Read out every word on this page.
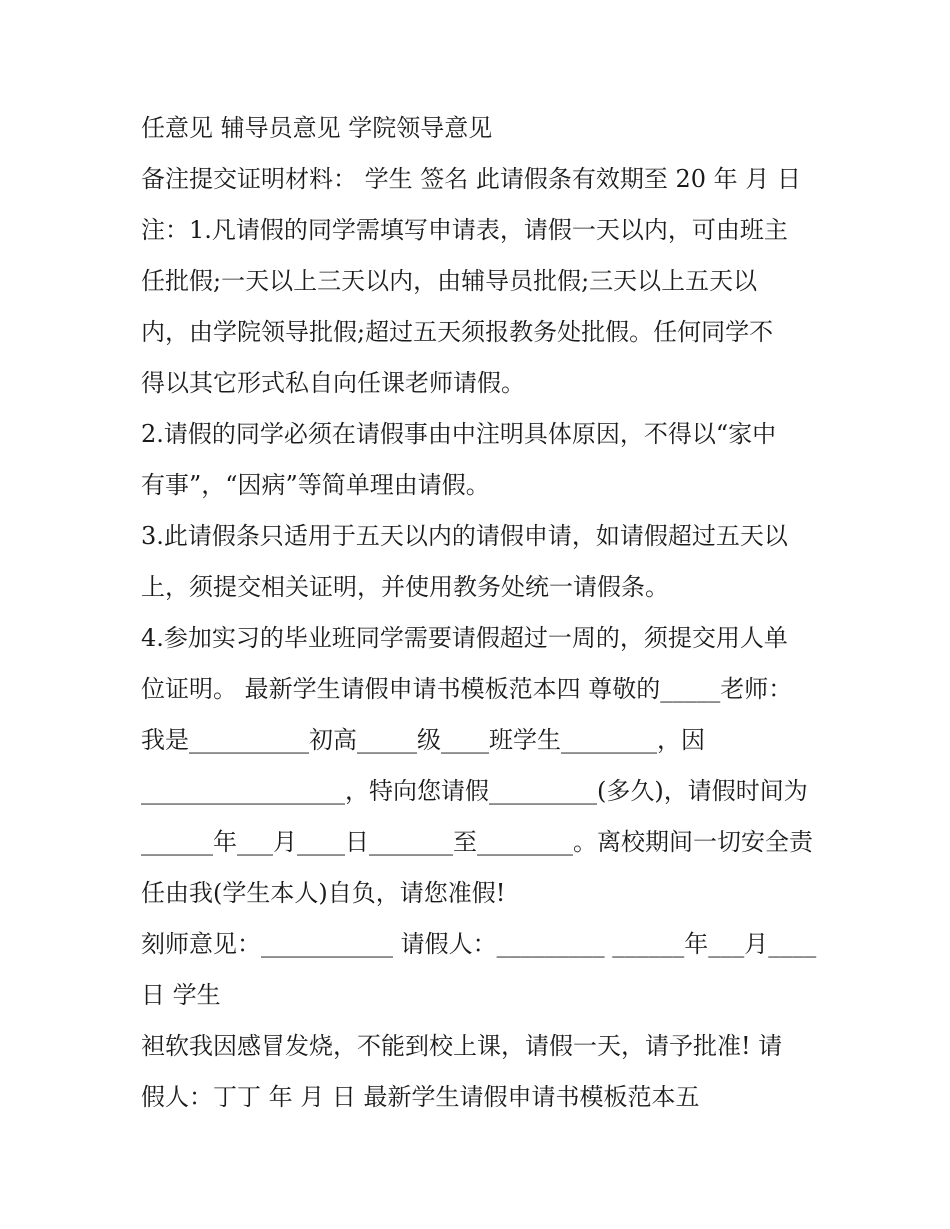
任意见 辅导员意见 学院领导意见
备注提交证明材料： 学生 签名 此请假条有效期至 20 年 月 日
注：1.凡请假的同学需填写申请表，请假一天以内，可由班主
任批假;一天以上三天以内，由辅导员批假;三天以上五天以
内，由学院领导批假;超过五天须报教务处批假。任何同学不
得以其它形式私自向任课老师请假。
2.请假的同学必须在请假事由中注明具体原因，不得以“家中
有事”，“因病”等简单理由请假。
3.此请假条只适用于五天以内的请假申请，如请假超过五天以
上，须提交相关证明，并使用教务处统一请假条。
4.参加实习的毕业班同学需要请假超过一周的，须提交用人单
位证明。 最新学生请假申请书模板范本四 尊敬的_____老师：
我是__________初高_____级____班学生________，因
_________________，特向您请假_________(多久)，请假时间为
______年___月____日_______至________。离校期间一切安全责
任由我(学生本人)自负，请您准假!
刻师意见：___________ 请假人：_________ ______年___月____
日 学生
袒软我因感冒发烧，不能到校上课，请假一天，请予批准! 请
假人：丁丁 年 月 日 最新学生请假申请书模板范本五
